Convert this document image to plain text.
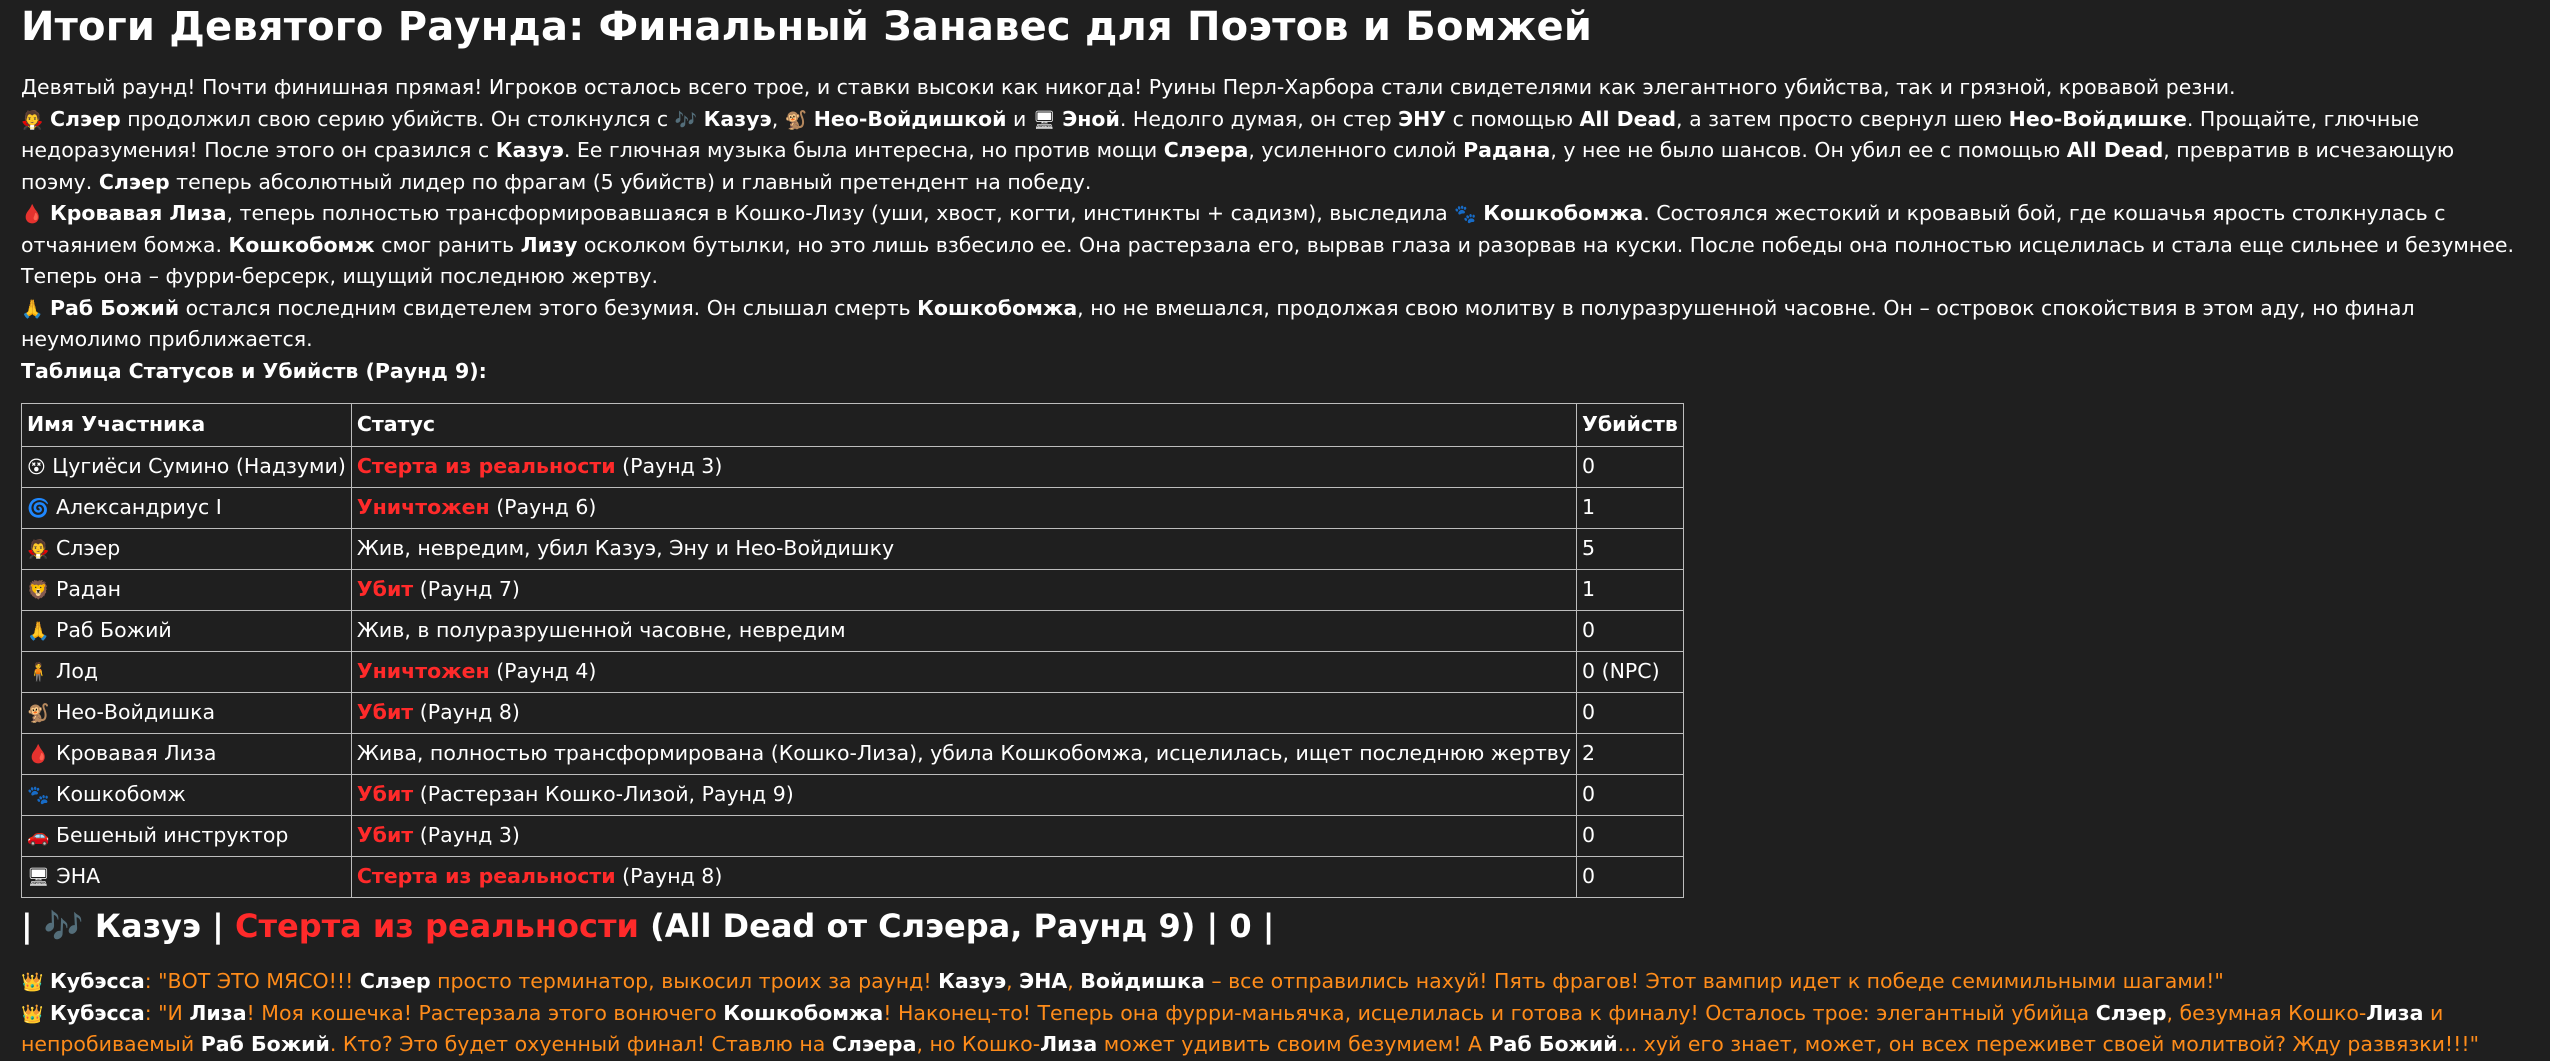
Итоги Девятого Раунда: Финальный Занавес для Поэтов и Бомжей

Девятый раунд! Почти финишная прямая! Игроков осталось всего трое, и ставки высоки как никогда! Руины Перл-Харбора стали свидетелями как элегантного убийства, так и грязной, кровавой резни.

🧛 Слэер продолжил свою серию убийств. Он столкнулся с 🎶 Казуэ, 🐒 Нео-Войдишкой и 🖥 Эной. Недолго думая, он стер ЭНУ с помощью All Dead, а затем просто свернул шею Нео-Войдишке. Прощайте, глючные недоразумения! После этого он сразился с Казуэ. Ее глючная музыка была интересна, но против мощи Слэера, усиленного силой Радана, у нее не было шансов. Он убил ее с помощью All Dead, превратив в исчезающую поэму. Слэер теперь абсолютный лидер по фрагам (5 убийств) и главный претендент на победу.

🩸 Кровавая Лиза, теперь полностью трансформировавшаяся в Кошко-Лизу (уши, хвост, когти, инстинкты + садизм), выследила 🐾 Кошкобомжа. Состоялся жестокий и кровавый бой, где кошачья ярость столкнулась с отчаянием бомжа. Кошкобомж смог ранить Лизу осколком бутылки, но это лишь взбесило ее. Она растерзала его, вырвав глаза и разорвав на куски. После победы она полностью исцелилась и стала еще сильнее и безумнее. Теперь она – фурри-берсерк, ищущий последнюю жертву.

🙏 Раб Божий остался последним свидетелем этого безумия. Он слышал смерть Кошкобомжа, но не вмешался, продолжая свою молитву в полуразрушенной часовне. Он – островок спокойствия в этом аду, но финал неумолимо приближается.

Таблица Статусов и Убийств (Раунд 9):

Имя Участника	Статус	Убийств
😵 Цугиёси Сумино (Надзуми)	Стерта из реальности (Раунд 3)	0
🌀 Александриус I	Уничтожен (Раунд 6)	1
🧛 Слэер	Жив, невредим, убил Казуэ, Эну и Нео-Войдишку	5
🦁 Радан	Убит (Раунд 7)	1
🙏 Раб Божий	Жив, в полуразрушенной часовне, невредим	0
🧍 Лод	Уничтожен (Раунд 4)	0 (NPC)
🐒 Нео-Войдишка	Убит (Раунд 8)	0
🩸 Кровавая Лиза	Жива, полностью трансформирована (Кошко-Лиза), убила Кошкобомжа, исцелилась, ищет последнюю жертву	2
🐾 Кошкобомж	Убит (Растерзан Кошко-Лизой, Раунд 9)	0
🚗 Бешеный инструктор	Убит (Раунд 3)	0
🖥 ЭНА	Стерта из реальности (Раунд 8)	0
| 🎶 Казуэ | Стерта из реальности (All Dead от Слэера, Раунд 9) | 0 |

👑 Кубэсса: "ВОТ ЭТО МЯСО!!! Слэер просто терминатор, выкосил троих за раунд! Казуэ, ЭНА, Войдишка – все отправились нахуй! Пять фрагов! Этот вампир идет к победе семимильными шагами!"

👑 Кубэсса: "И Лиза! Моя кошечка! Растерзала этого вонючего Кошкобомжа! Наконец-то! Теперь она фурри-маньячка, исцелилась и готова к финалу! Осталось трое: элегантный убийца Слэер, безумная Кошко-Лиза и непробиваемый Раб Божий. Кто? Это будет охуенный финал! Ставлю на Слэера, но Кошко-Лиза может удивить своим безумием! А Раб Божий... хуй его знает, может, он всех переживет своей молитвой? Жду развязки!!!"
